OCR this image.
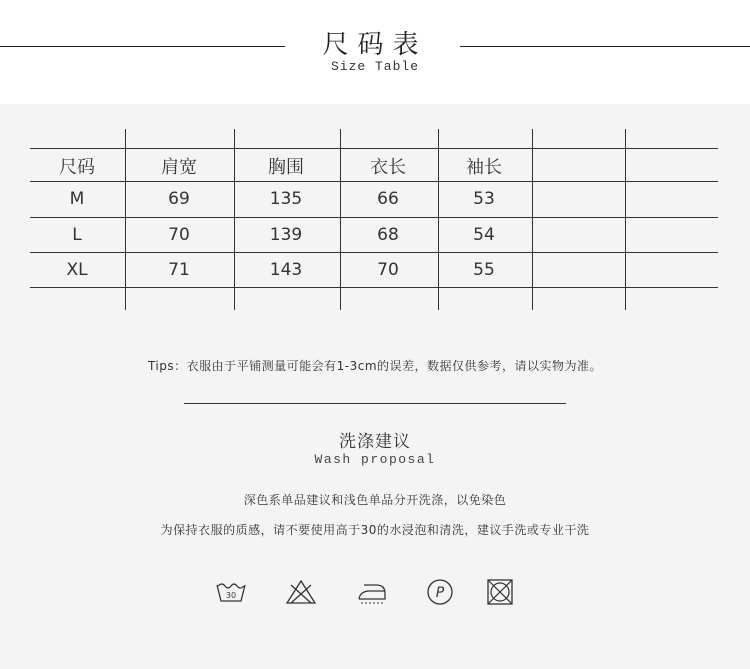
尺码表
Size Table
尺码	肩宽	胸围	衣长	袖长
M	69	135	66	53
L	70	139	68	54
XL	71	143	70	55
Tips：衣服由于平铺测量可能会有1-3cm的误差，数据仅供参考，请以实物为准。
洗涤建议
Wash proposal
深色系单品建议和浅色单品分开洗涤，以免染色
为保持衣服的质感，请不要使用高于30的水浸泡和清洗，建议手洗或专业干洗
30	P
